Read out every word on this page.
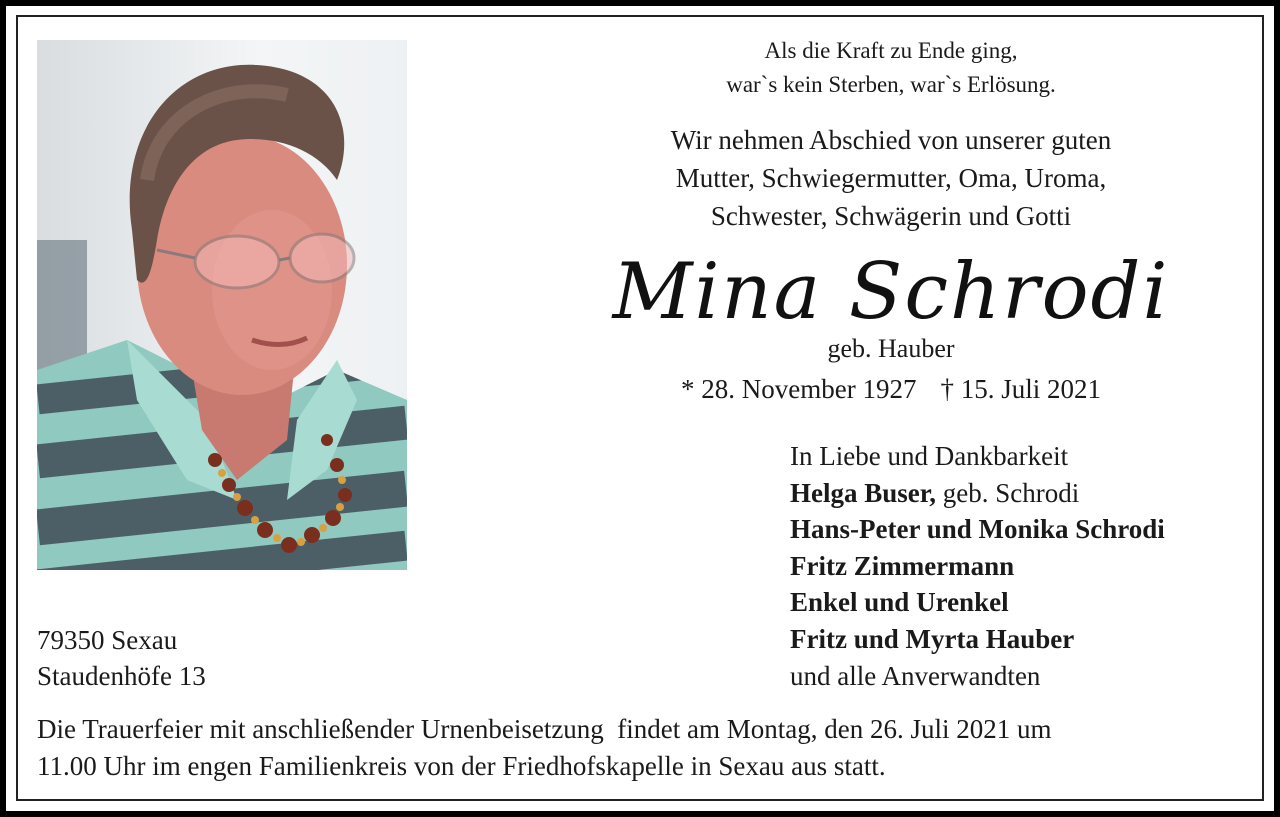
Als die Kraft zu Ende ging,
war`s kein Sterben, war`s Erlösung.
Wir nehmen Abschied von unserer guten
Mutter, Schwiegermutter, Oma, Uroma,
Schwester, Schwägerin und Gotti
Mina Schrodi
geb. Hauber
* 28. November 1927 † 15. Juli 2021
In Liebe und Dankbarkeit
Helga Buser, geb. Schrodi
Hans-Peter und Monika Schrodi
Fritz Zimmermann
Enkel und Urenkel
Fritz und Myrta Hauber
und alle Anverwandten
79350 Sexau
Staudenhöfe 13
Die Trauerfeier mit anschließender Urnenbeisetzung  findet am Montag, den 26. Juli 2021 um
11.00 Uhr im engen Familienkreis von der Friedhofskapelle in Sexau aus statt.
